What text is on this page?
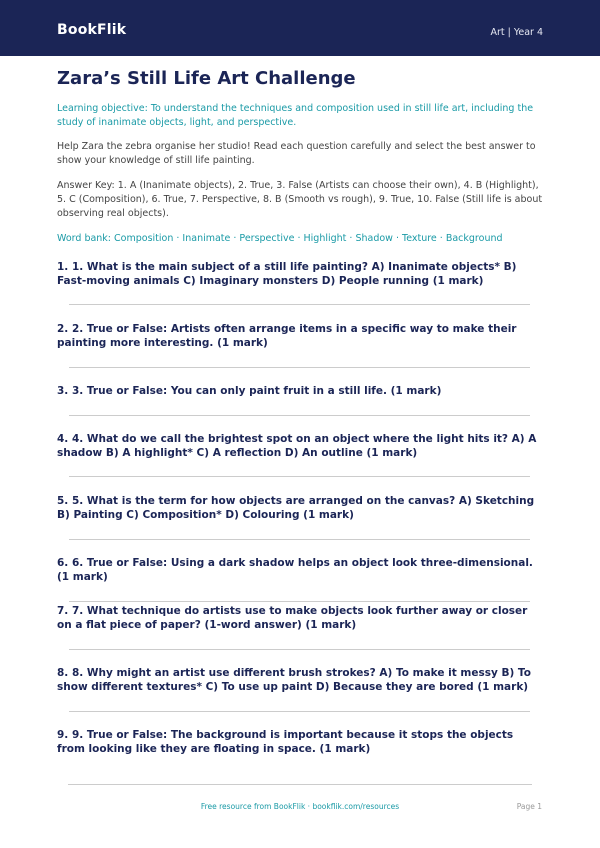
BookFlik	Art | Year 4
Zara’s Still Life Art Challenge

Learning objective: To understand the techniques and composition used in still life art, including the study of inanimate objects, light, and perspective.

Help Zara the zebra organise her studio! Read each question carefully and select the best answer to show your knowledge of still life painting.

Answer Key: 1. A (Inanimate objects), 2. True, 3. False (Artists can choose their own), 4. B (Highlight), 5. C (Composition), 6. True, 7. Perspective, 8. B (Smooth vs rough), 9. True, 10. False (Still life is about observing real objects).

Word bank: Composition · Inanimate · Perspective · Highlight · Shadow · Texture · Background

1. 1. What is the main subject of a still life painting? A) Inanimate objects* B) Fast-moving animals C) Imaginary monsters D) People running (1 mark)
2. 2. True or False: Artists often arrange items in a specific way to make their painting more interesting. (1 mark)
3. 3. True or False: You can only paint fruit in a still life. (1 mark)
4. 4. What do we call the brightest spot on an object where the light hits it? A) A shadow B) A highlight* C) A reflection D) An outline (1 mark)
5. 5. What is the term for how objects are arranged on the canvas? A) Sketching B) Painting C) Composition* D) Colouring (1 mark)
6. 6. True or False: Using a dark shadow helps an object look three-dimensional. (1 mark)
7. 7. What technique do artists use to make objects look further away or closer on a flat piece of paper? (1-word answer) (1 mark)
8. 8. Why might an artist use different brush strokes? A) To make it messy B) To show different textures* C) To use up paint D) Because they are bored (1 mark)
9. 9. True or False: The background is important because it stops the objects from looking like they are floating in space. (1 mark)
Free resource from BookFlik · bookflik.com/resources	Page 1
